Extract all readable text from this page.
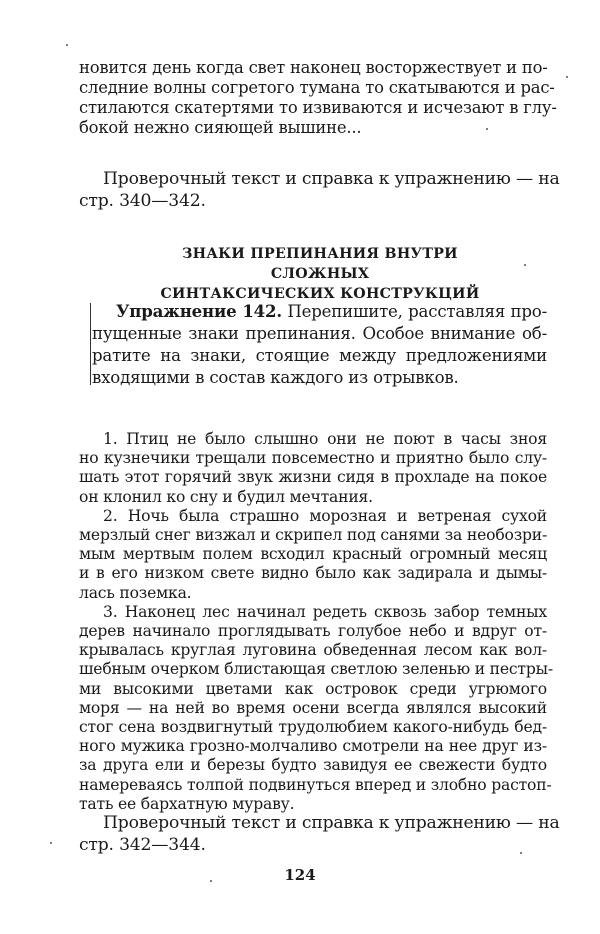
новится день когда свет наконец восторжествует и по-
следние волны согретого тумана то скатываются и рас-
стилаются скатертями то извиваются и исчезают в глу-
бокой нежно сияющей вышине...
Проверочный текст и справка к упражнению — на
стр. 340—342.
ЗНАКИ ПРЕПИНАНИЯ ВНУТРИ СЛОЖНЫХ
СИНТАКСИЧЕСКИХ КОНСТРУКЦИЙ
Упражнение 142. Перепишите, расставляя про-
пущенные знаки препинания. Особое внимание об-
ратите на знаки, стоящие между предложениями
входящими в состав каждого из отрывков.
1. Птиц не было слышно они не поют в часы зноя
но кузнечики трещали повсеместно и приятно было слу-
шать этот горячий звук жизни сидя в прохладе на покое
он клонил ко сну и будил мечтания.
2. Ночь была страшно морозная и ветреная сухой
мерзлый снег визжал и скрипел под санями за необозри-
мым мертвым полем всходил красный огромный месяц
и в его низком свете видно было как задирала и дымы-
лась поземка.
3. Наконец лес начинал редеть сквозь забор темных
дерев начинало проглядывать голубое небо и вдруг от-
крывалась круглая луговина обведенная лесом как вол-
шебным очерком блистающая светлою зеленью и пестры-
ми высокими цветами как островок среди угрюмого
моря — на ней во время осени всегда являлся высокий
стог сена воздвигнутый трудолюбием какого-нибудь бед-
ного мужика грозно-молчаливо смотрели на нее друг из-
за друга ели и березы будто завидуя ее свежести будто
намереваясь толпой подвинуться вперед и злобно растоп-
тать ее бархатную мураву.
Проверочный текст и справка к упражнению — на
стр. 342—344.
124
